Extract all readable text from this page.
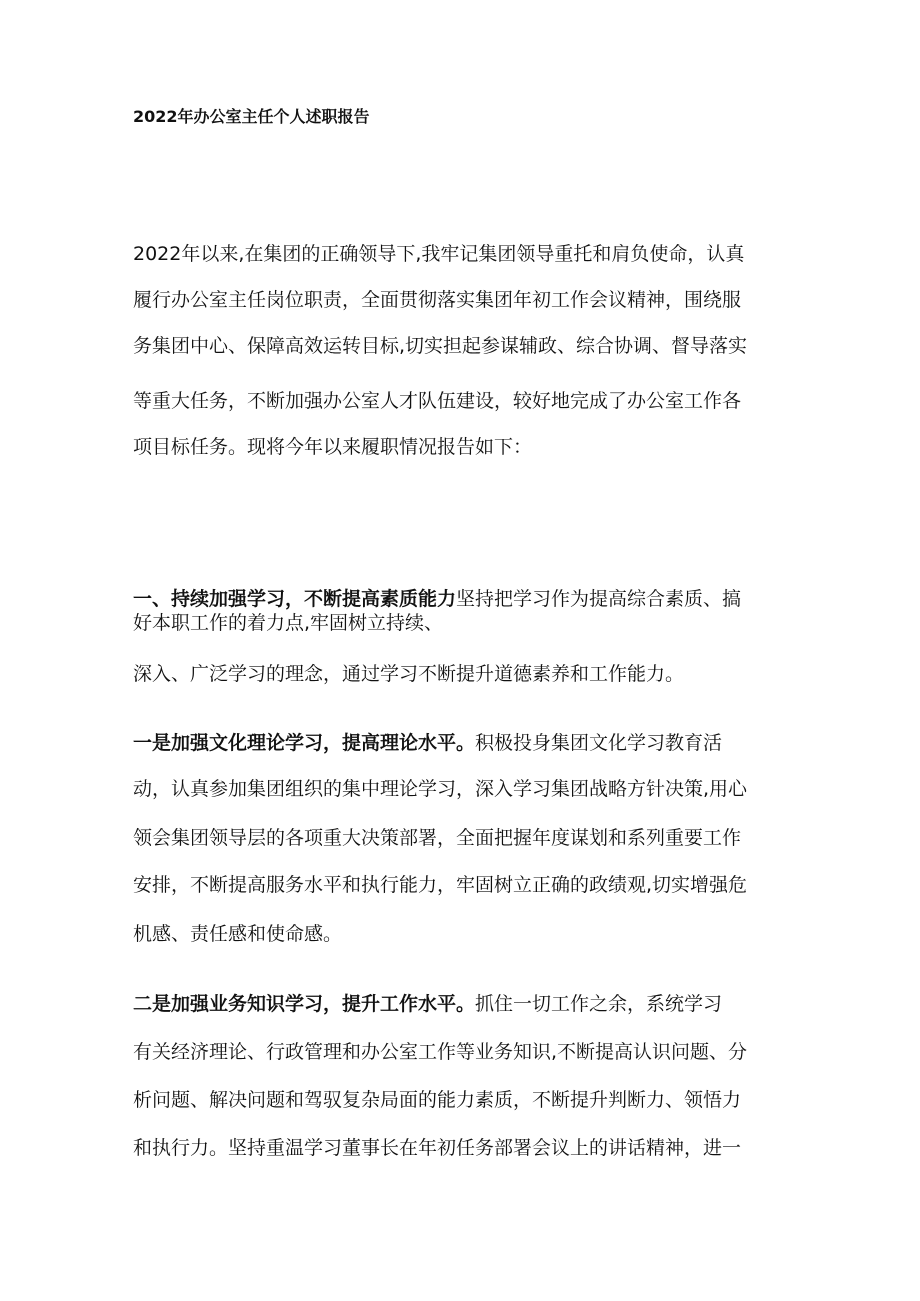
2022年办公室主任个人述职报告
2022年以来,在集团的正确领导下,我牢记集团领导重托和肩负使命，认真
履行办公室主任岗位职责，全面贯彻落实集团年初工作会议精神，围绕服
务集团中心、保障高效运转目标,切实担起参谋辅政、综合协调、督导落实
等重大任务，不断加强办公室人才队伍建设，较好地完成了办公室工作各
项目标任务。现将今年以来履职情况报告如下：
一、持续加强学习，不断提高素质能力坚持把学习作为提高综合素质、搞
好本职工作的着力点,牢固树立持续、
深入、广泛学习的理念，通过学习不断提升道德素养和工作能力。
一是加强文化理论学习，提高理论水平。积极投身集团文化学习教育活
动，认真参加集团组织的集中理论学习，深入学习集团战略方针决策,用心
领会集团领导层的各项重大决策部署，全面把握年度谋划和系列重要工作
安排，不断提高服务水平和执行能力，牢固树立正确的政绩观,切实增强危
机感、责任感和使命感。
二是加强业务知识学习，提升工作水平。抓住一切工作之余，系统学习
有关经济理论、行政管理和办公室工作等业务知识,不断提高认识问题、分
析问题、解决问题和驾驭复杂局面的能力素质，不断提升判断力、领悟力
和执行力。坚持重温学习董事长在年初任务部署会议上的讲话精神，进一
